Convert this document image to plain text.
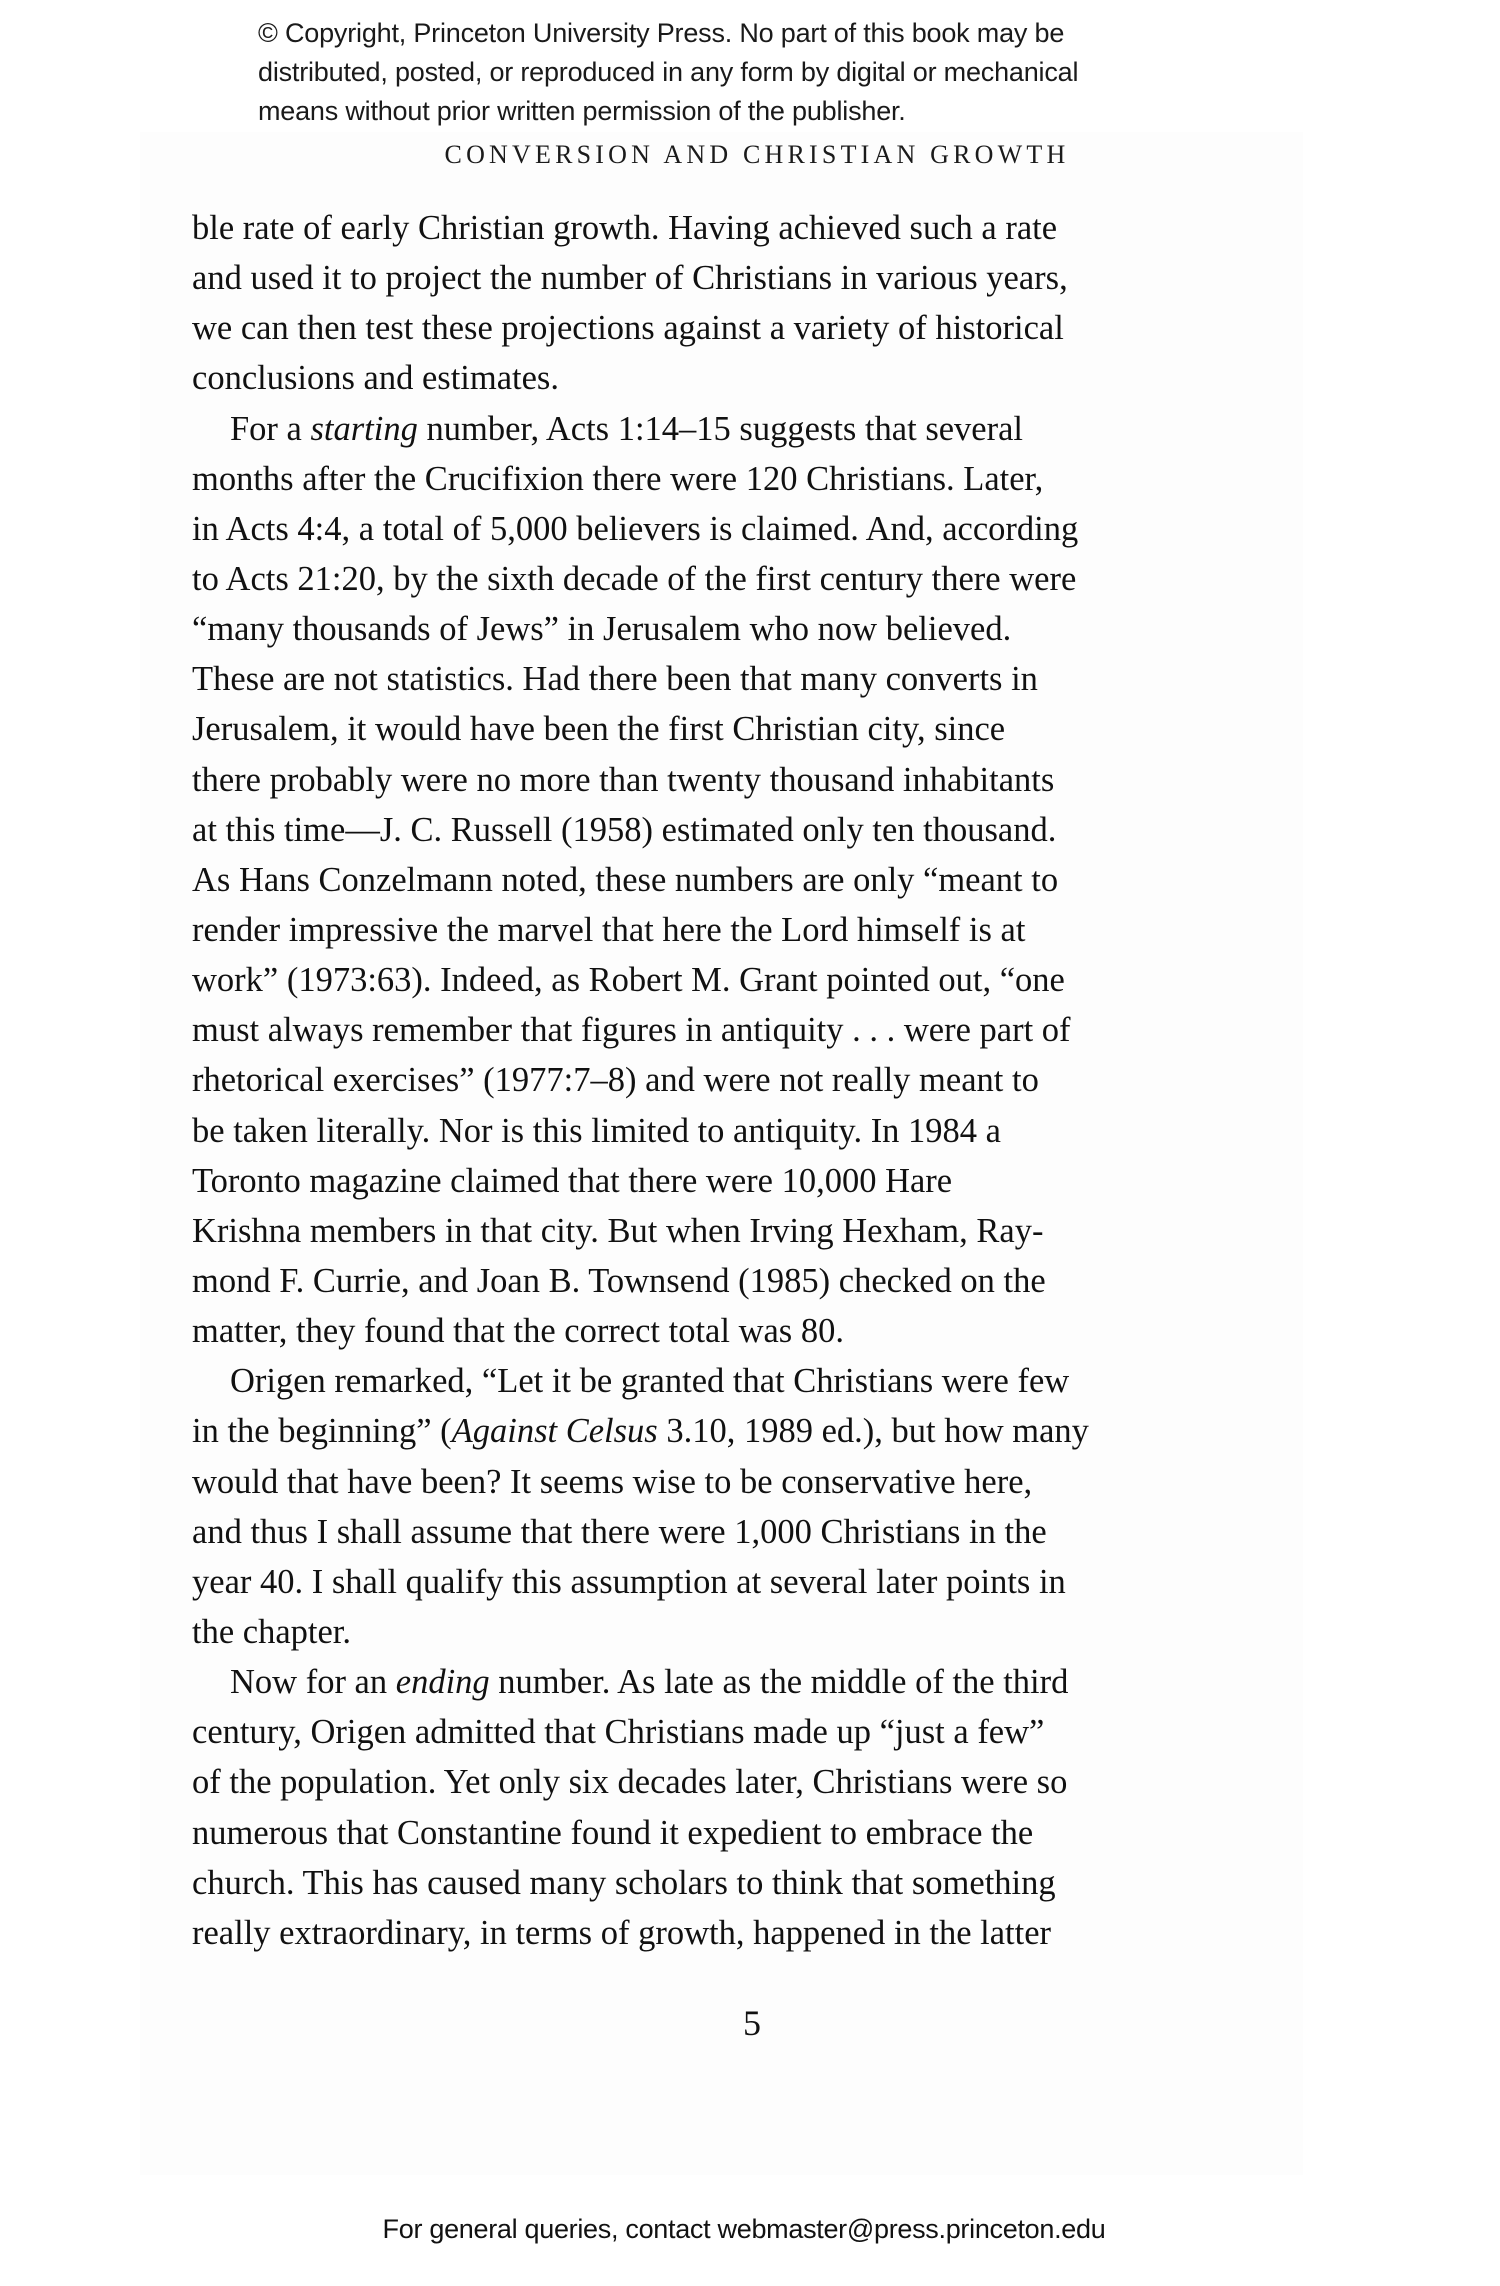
© Copyright, Princeton University Press. No part of this book may be
distributed, posted, or reproduced in any form by digital or mechanical
means without prior written permission of the publisher.
CONVERSION AND CHRISTIAN GROWTH
ble rate of early Christian growth. Having achieved such a rate
and used it to project the number of Christians in various years,
we can then test these projections against a variety of historical
conclusions and estimates.
For a starting number, Acts 1:14–15 suggests that several
months after the Crucifixion there were 120 Christians. Later,
in Acts 4:4, a total of 5,000 believers is claimed. And, according
to Acts 21:20, by the sixth decade of the first century there were
“many thousands of Jews” in Jerusalem who now believed.
These are not statistics. Had there been that many converts in
Jerusalem, it would have been the first Christian city, since
there probably were no more than twenty thousand inhabitants
at this time—J. C. Russell (1958) estimated only ten thousand.
As Hans Conzelmann noted, these numbers are only “meant to
render impressive the marvel that here the Lord himself is at
work” (1973:63). Indeed, as Robert M. Grant pointed out, “one
must always remember that figures in antiquity . . . were part of
rhetorical exercises” (1977:7–8) and were not really meant to
be taken literally. Nor is this limited to antiquity. In 1984 a
Toronto magazine claimed that there were 10,000 Hare
Krishna members in that city. But when Irving Hexham, Ray-
mond F. Currie, and Joan B. Townsend (1985) checked on the
matter, they found that the correct total was 80.
Origen remarked, “Let it be granted that Christians were few
in the beginning” (Against Celsus 3.10, 1989 ed.), but how many
would that have been? It seems wise to be conservative here,
and thus I shall assume that there were 1,000 Christians in the
year 40. I shall qualify this assumption at several later points in
the chapter.
Now for an ending number. As late as the middle of the third
century, Origen admitted that Christians made up “just a few”
of the population. Yet only six decades later, Christians were so
numerous that Constantine found it expedient to embrace the
church. This has caused many scholars to think that something
really extraordinary, in terms of growth, happened in the latter
5
For general queries, contact webmaster@press.princeton.edu
